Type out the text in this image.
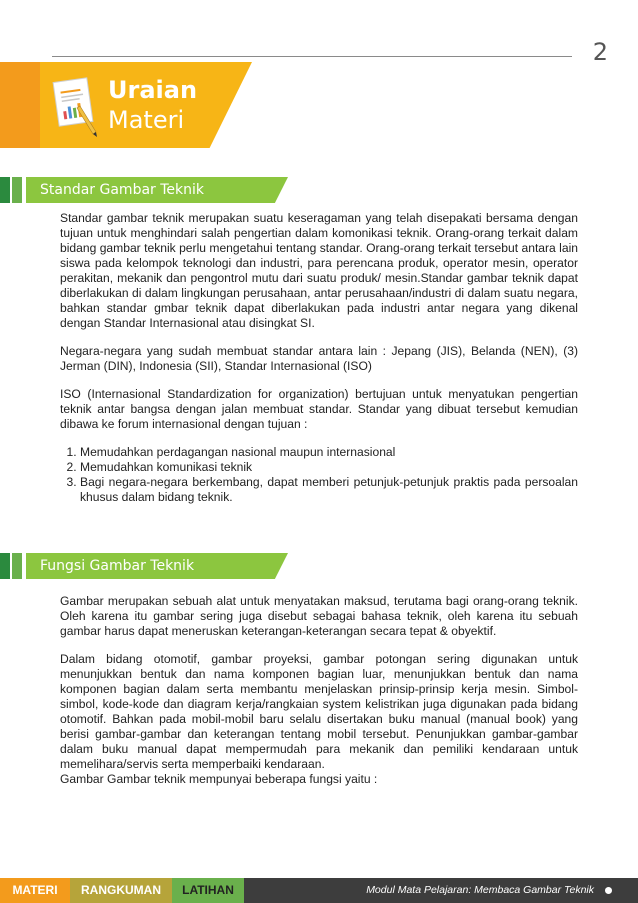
2
Uraian
Materi
Standar Gambar Teknik

Standar gambar teknik merupakan suatu keseragaman yang telah disepakati bersama dengan tujuan untuk menghindari salah pengertian dalam komonikasi teknik. Orang-orang terkait dalam bidang gambar teknik perlu mengetahui tentang standar. Orang-orang terkait tersebut antara lain siswa pada kelompok teknologi dan industri, para perencana produk, operator mesin, operator perakitan, mekanik dan pengontrol mutu dari suatu produk/ mesin.Standar gambar teknik dapat diberlakukan di dalam lingkungan perusahaan, antar perusahaan/industri di dalam suatu negara, bahkan standar gmbar teknik dapat diberlakukan pada industri antar negara yang dikenal dengan Standar Internasional atau disingkat SI.

Negara-negara yang sudah membuat standar antara lain : Jepang (JIS), Belanda (NEN), (3) Jerman (DIN), Indonesia (SII), Standar Internasional (ISO)

ISO (Internasional Standardization for organization) bertujuan untuk menyatukan pengertian teknik antar bangsa dengan jalan membuat standar. Standar yang dibuat tersebut kemudian dibawa ke forum internasional dengan tujuan :

1. Memudahkan perdagangan nasional maupun internasional
2. Memudahkan komunikasi teknik
3. Bagi negara-negara berkembang, dapat memberi petunjuk-petunjuk praktis pada persoalan khusus dalam bidang teknik.
Fungsi Gambar Teknik

Gambar merupakan sebuah alat untuk menyatakan maksud, terutama bagi orang-orang teknik. Oleh karena itu gambar sering juga disebut sebagai bahasa teknik, oleh karena itu sebuah gambar harus dapat meneruskan keterangan-keterangan secara tepat & obyektif.

Dalam bidang otomotif, gambar proyeksi, gambar potongan sering digunakan untuk menunjukkan bentuk dan nama komponen bagian luar, menunjukkan bentuk dan nama komponen bagian dalam serta membantu menjelaskan prinsip-prinsip kerja mesin. Simbol-simbol, kode-kode dan diagram kerja/rangkaian system kelistrikan juga digunakan pada bidang otomotif. Bahkan pada mobil-mobil baru selalu disertakan buku manual (manual book) yang berisi gambar-gambar dan keterangan tentang mobil tersebut. Penunjukkan gambar-gambar dalam buku manual dapat mempermudah para mekanik dan pemiliki kendaraan untuk memelihara/servis serta memperbaiki kendaraan.

Gambar Gambar teknik mempunyai beberapa fungsi yaitu :

MATERI	RANGKUMAN	LATIHAN	Modul Mata Pelajaran: Membaca Gambar Teknik
